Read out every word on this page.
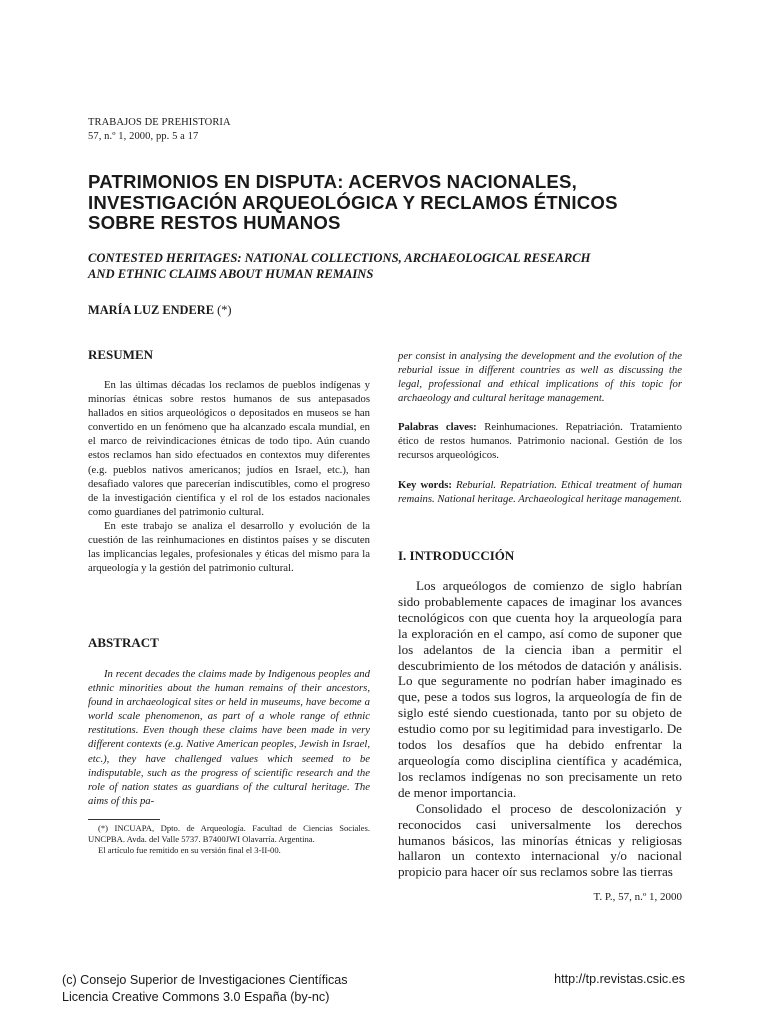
TRABAJOS DE PREHISTORIA
57, n.º 1, 2000, pp. 5 a 17
PATRIMONIOS EN DISPUTA: ACERVOS NACIONALES,
INVESTIGACIÓN ARQUEOLÓGICA Y RECLAMOS ÉTNICOS
SOBRE RESTOS HUMANOS
CONTESTED HERITAGES: NATIONAL COLLECTIONS, ARCHAEOLOGICAL RESEARCH
AND ETHNIC CLAIMS ABOUT HUMAN REMAINS
MARÍA LUZ ENDERE (*)
RESUMEN

En las últimas décadas los reclamos de pueblos indígenas y minorías étnicas sobre restos humanos de sus antepasados hallados en sitios arqueológicos o depositados en museos se han convertido en un fenómeno que ha alcanzado escala mundial, en el marco de reivindicaciones étnicas de todo tipo. Aún cuando estos reclamos han sido efectuados en contextos muy diferentes (e.g. pueblos nativos americanos; judíos en Israel, etc.), han desafiado valores que parecerían indiscutibles, como el progreso de la investigación científica y el rol de los estados nacionales como guardianes del patrimonio cultural.

En este trabajo se analiza el desarrollo y evolución de la cuestión de las reinhumaciones en distintos países y se discuten las implicancias legales, profesionales y éticas del mismo para la arqueología y la gestión del patrimonio cultural.

ABSTRACT

In recent decades the claims made by Indigenous peoples and ethnic minorities about the human remains of their ancestors, found in archaeological sites or held in museums, have become a world scale phenomenon, as part of a whole range of ethnic restitutions. Even though these claims have been made in very different contexts (e.g. Native American peoples, Jewish in Israel, etc.), they have challenged values which seemed to be indisputable, such as the progress of scientific research and the role of nation states as guardians of the cultural heritage. The aims of this pa-

(*) INCUAPA, Dpto. de Arqueología. Facultad de Ciencias Sociales. UNCPBA. Avda. del Valle 5737. B7400JWI Olavarría. Argentina.

El artículo fue remitido en su versión final el 3-II-00.

per consist in analysing the development and the evolution of the reburial issue in different countries as well as discussing the legal, professional and ethical implications of this topic for archaeology and cultural heritage management.

Palabras claves: Reinhumaciones. Repatriación. Tratamiento ético de restos humanos. Patrimonio nacional. Gestión de los recursos arqueológicos.
Key words: Reburial. Repatriation. Ethical treatment of human remains. National heritage. Archaeological heritage management.
I. INTRODUCCIÓN

Los arqueólogos de comienzo de siglo habrían sido probablemente capaces de imaginar los avances tecnológicos con que cuenta hoy la arqueología para la exploración en el campo, así como de suponer que los adelantos de la ciencia iban a permitir el descubrimiento de los métodos de datación y análisis. Lo que seguramente no podrían haber imaginado es que, pese a todos sus logros, la arqueología de fin de siglo esté siendo cuestionada, tanto por su objeto de estudio como por su legitimidad para investigarlo. De todos los desafíos que ha debido enfrentar la arqueología como disciplina científica y académica, los reclamos indígenas no son precisamente un reto de menor importancia.

Consolidado el proceso de descolonización y reconocidos casi universalmente los derechos humanos básicos, las minorías étnicas y religiosas hallaron un contexto internacional y/o nacional propicio para hacer oír sus reclamos sobre las tierras

T. P., 57, n.º 1, 2000
(c) Consejo Superior de Investigaciones Científicas
Licencia Creative Commons 3.0 España (by-nc)
http://tp.revistas.csic.es
